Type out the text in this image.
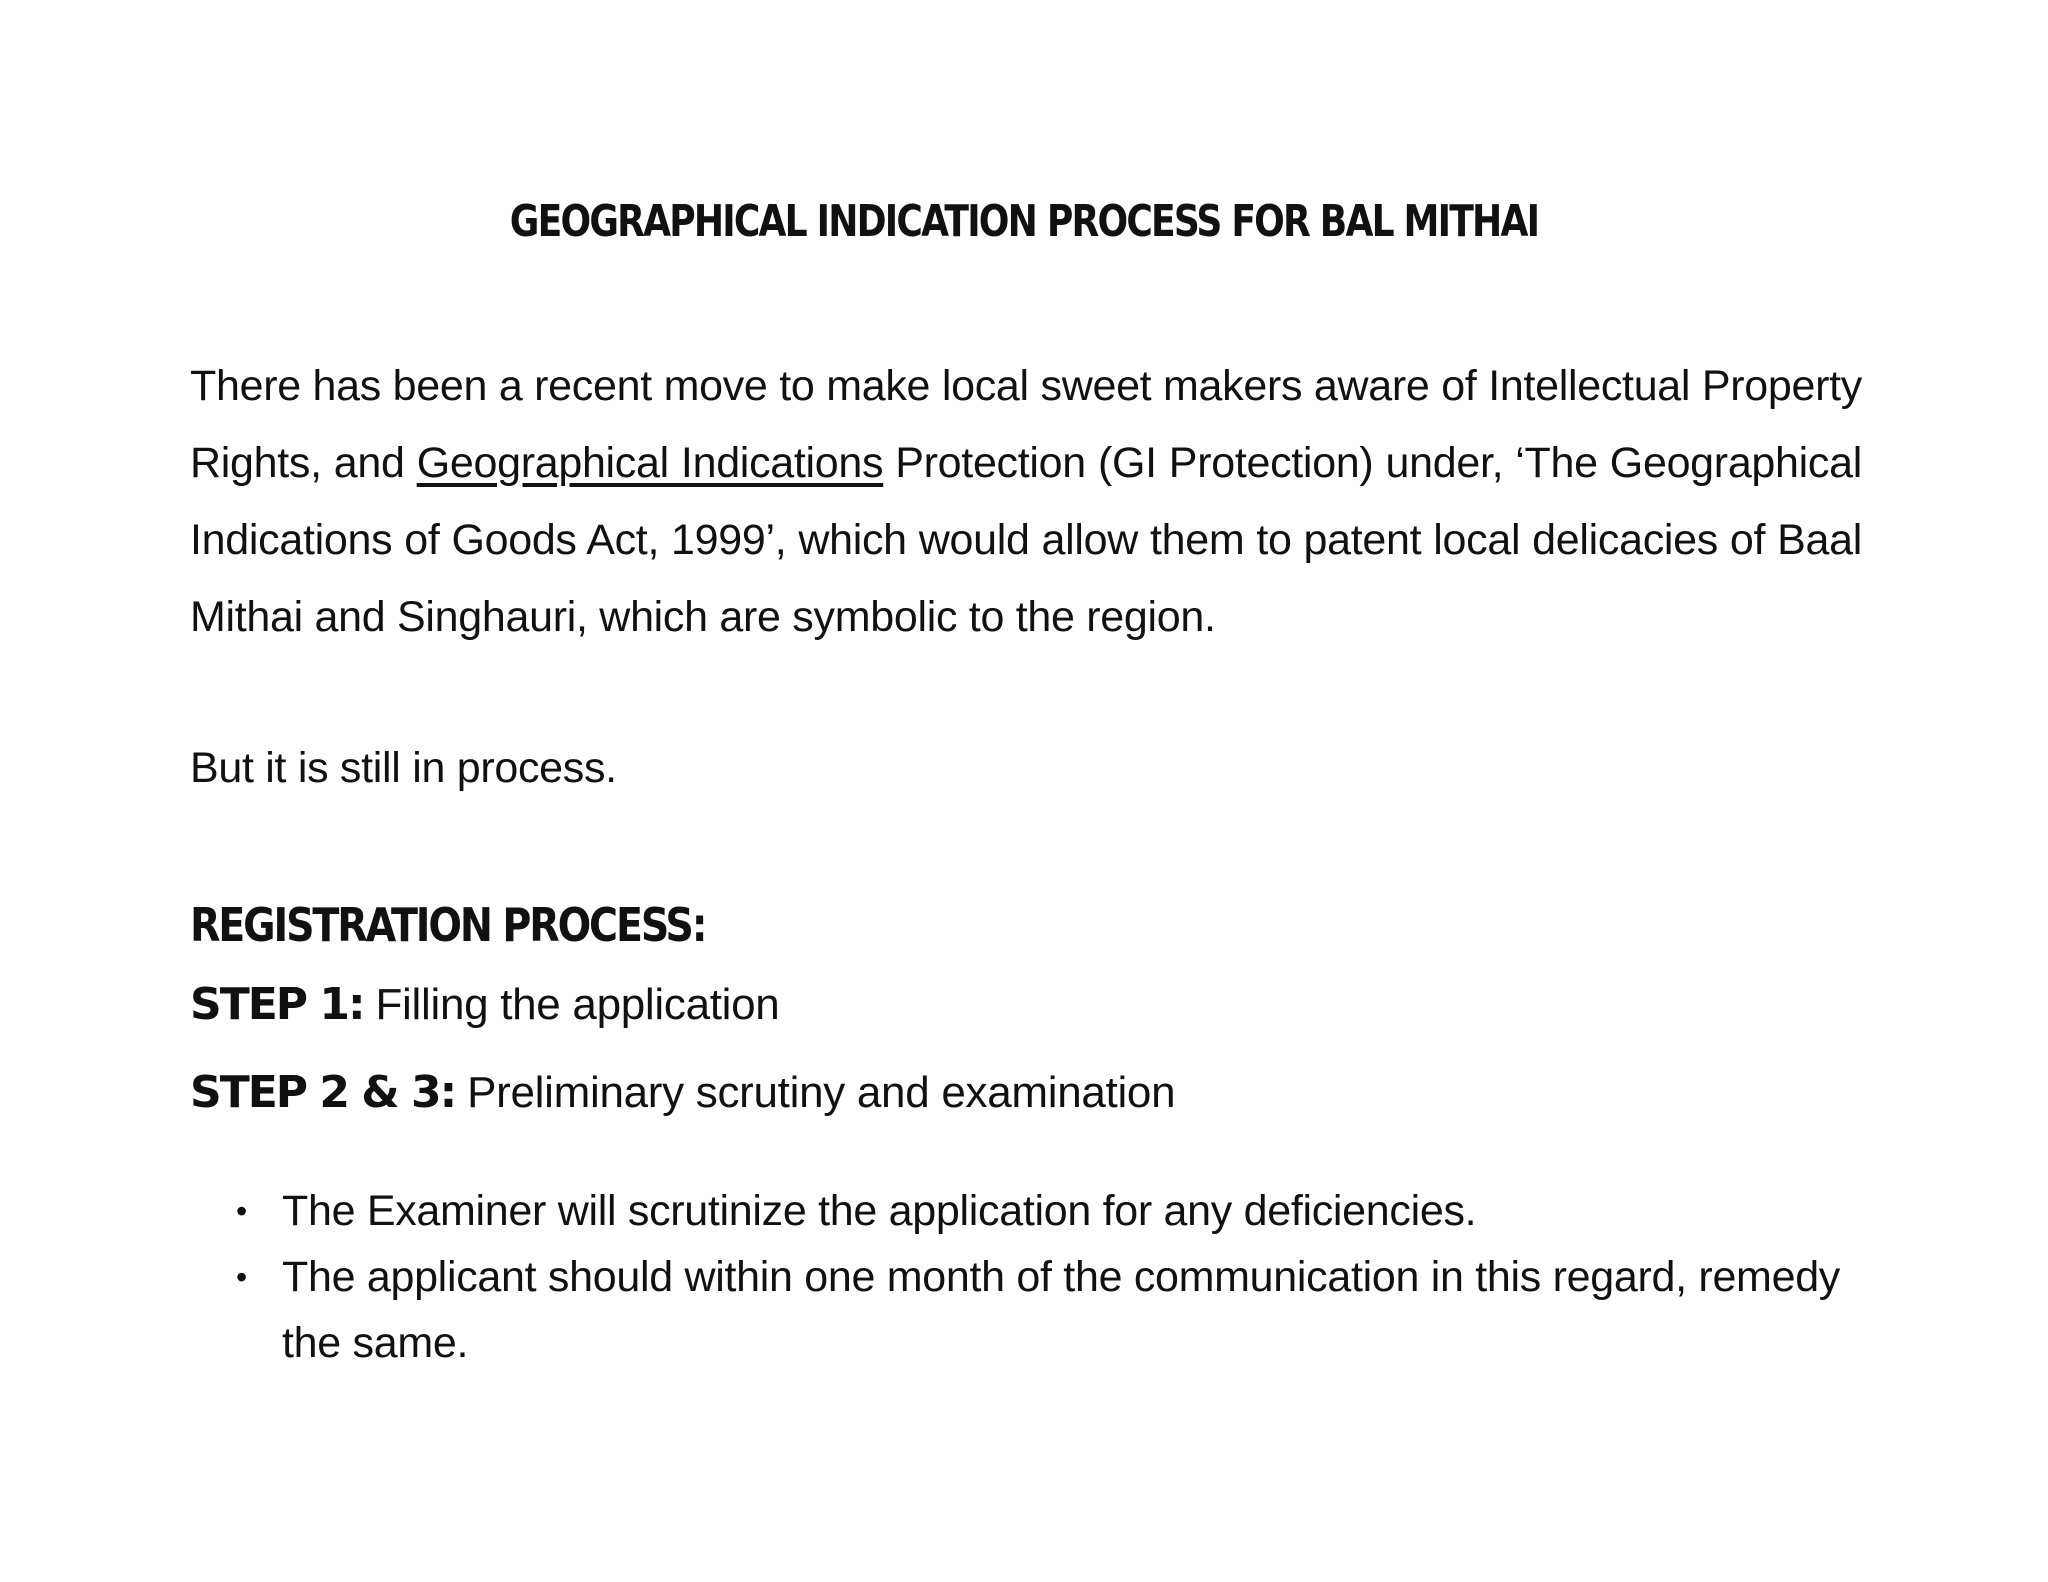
GEOGRAPHICAL INDICATION PROCESS FOR BAL MITHAI

There has been a recent move to make local sweet makers aware of Intellectual Property Rights, and Geographical Indications Protection (GI Protection) under, ‘The Geographical Indications of Goods Act, 1999’, which would allow them to patent local delicacies of Baal Mithai and Singhauri, which are symbolic to the region.

But it is still in process.

REGISTRATION PROCESS:

STEP 1: Filling the application

STEP 2 & 3: Preliminary scrutiny and examination

• The Examiner will scrutinize the application for any deficiencies.
• The applicant should within one month of the communication in this regard, remedy the same.
